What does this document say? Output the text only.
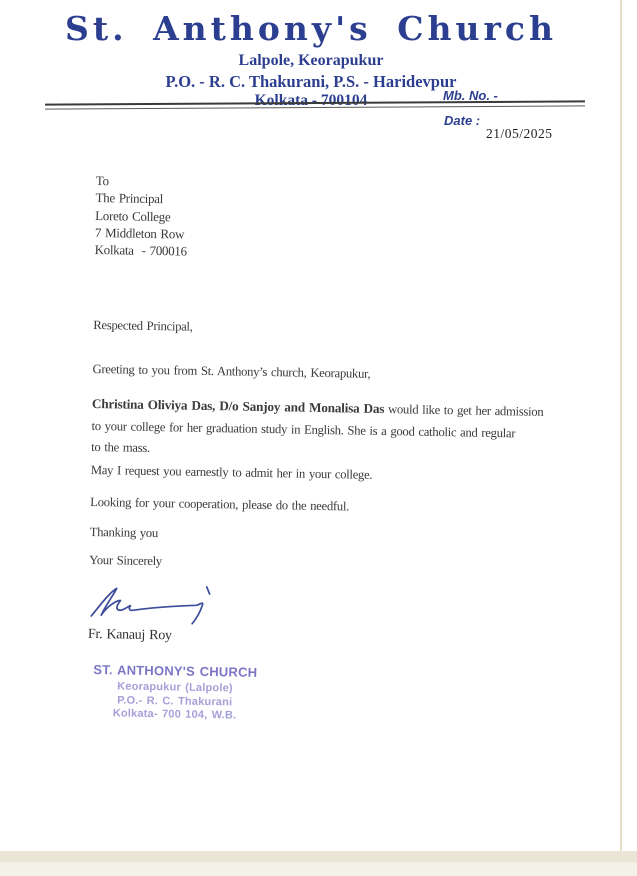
St. Anthony's Church
Lalpole, Keorapukur
P.O. - R. C. Thakurani, P.S. - Haridevpur
Kolkata - 700104	Mb. No. -
Date :
21/05/2025
To
The Principal
Loreto College
7 Middleton Row
Kolkata  - 700016
Respected Principal,
Greeting to you from St. Anthony’s church, Keorapukur,
Christina Oliviya Das, D/o Sanjoy and Monalisa Das would like to get her admission
to your college for her graduation study in English. She is a good catholic and regular
to the mass.
May I request you earnestly to admit her in your college.
Looking for your cooperation, please do the needful.
Thanking you
Your Sincerely
Fr. Kanauj Roy
ST. ANTHONY'S CHURCH
Keorapukur (Lalpole)
P.O.- R. C. Thakurani
Kolkata- 700 104, W.B.
